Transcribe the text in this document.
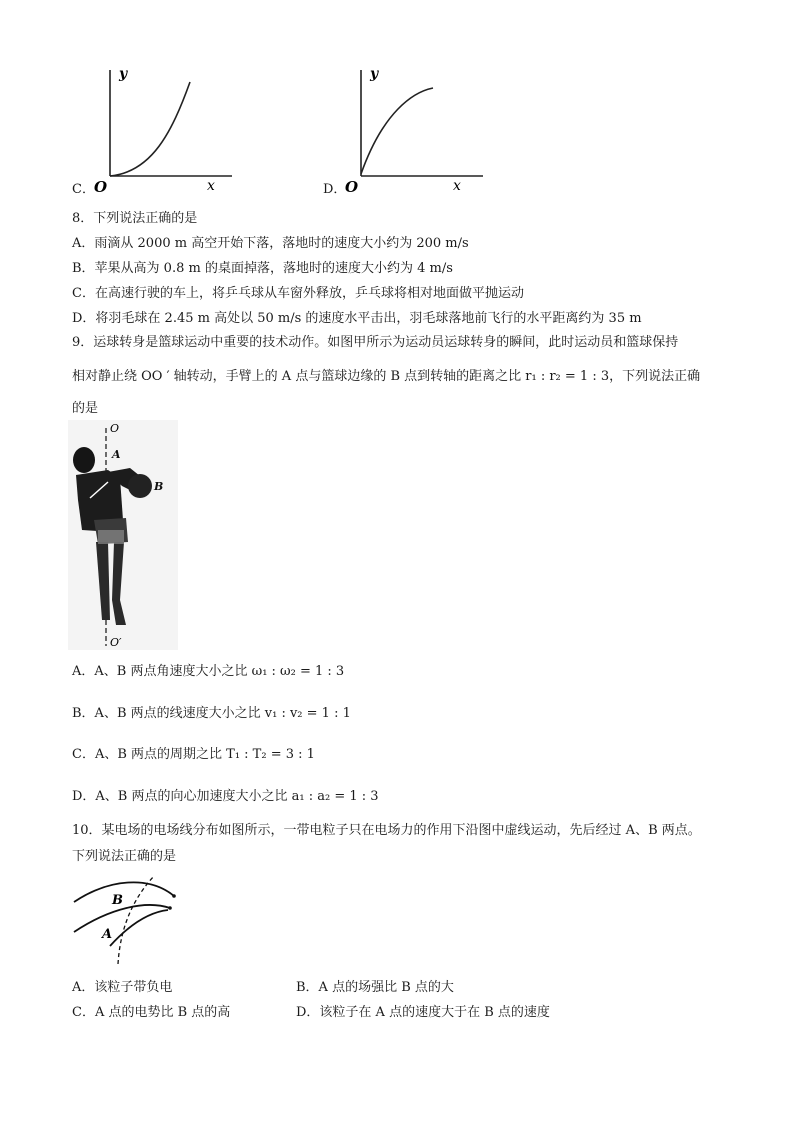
C．
y
O	x	D．
y
O	x
8．下列说法正确的是
A．雨滴从 2000 m 高空开始下落，落地时的速度大小约为 200 m/s
B．苹果从高为 0.8 m 的桌面掉落，落地时的速度大小约为 4 m/s
C．在高速行驶的车上，将乒乓球从车窗外释放，乒乓球将相对地面做平抛运动
D．将羽毛球在 2.45 m 高处以 50 m/s 的速度水平击出，羽毛球落地前飞行的水平距离约为 35 m
9．运球转身是篮球运动中重要的技术动作。如图甲所示为运动员运球转身的瞬间，此时运动员和篮球保持
相对静止绕 OO ′ 轴转动，手臂上的 A 点与篮球边缘的 B 点到转轴的距离之比 r₁ : r₂ = 1 : 3，下列说法正确
的是
O
O′
A
B
A．A、B 两点角速度大小之比 ω₁ : ω₂ = 1 : 3
B．A、B 两点的线速度大小之比 v₁ : v₂ = 1 : 1
C．A、B 两点的周期之比 T₁ : T₂ = 3 : 1
D．A、B 两点的向心加速度大小之比 a₁ : a₂ = 1 : 3
10．某电场的电场线分布如图所示，一带电粒子只在电场力的作用下沿图中虚线运动，先后经过 A、B 两点。
下列说法正确的是
B
A
A．该粒子带负电	B．A 点的场强比 B 点的大
C．A 点的电势比 B 点的高	D．该粒子在 A 点的速度大于在 B 点的速度
